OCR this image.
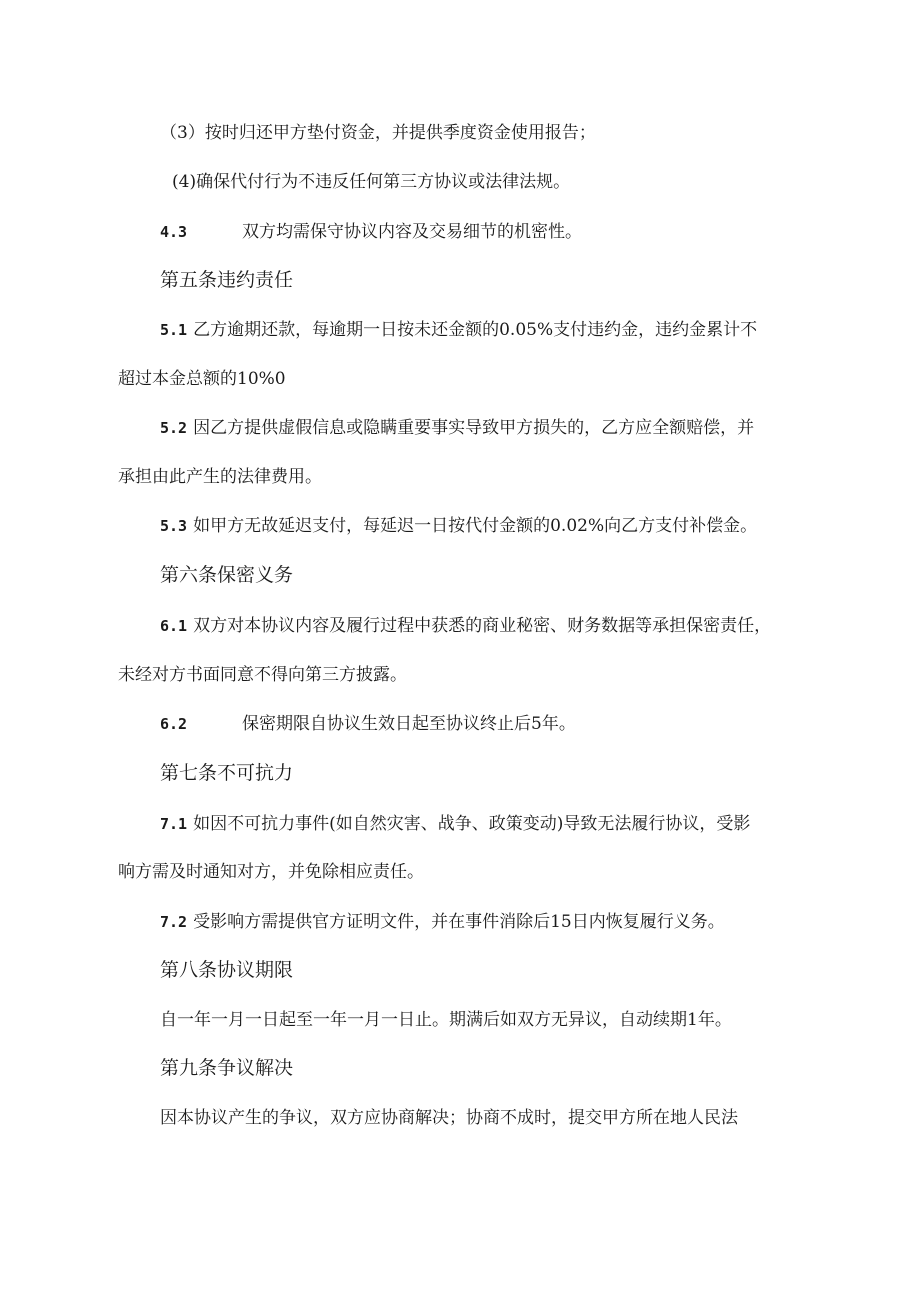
（3）按时归还甲方垫付资金，并提供季度资金使用报告；
(4)确保代付行为不违反任何第三方协议或法律法规。
4.3	双方均需保守协议内容及交易细节的机密性。
第五条违约责任
5.1 乙方逾期还款，每逾期一日按未还金额的0.05%支付违约金，违约金累计不
超过本金总额的10%0
5.2 因乙方提供虚假信息或隐瞒重要事实导致甲方损失的，乙方应全额赔偿，并
承担由此产生的法律费用。
5.3 如甲方无故延迟支付，每延迟一日按代付金额的0.02%向乙方支付补偿金。
第六条保密义务
6.1 双方对本协议内容及履行过程中获悉的商业秘密、财务数据等承担保密责任，
未经对方书面同意不得向第三方披露。
6.2	保密期限自协议生效日起至协议终止后5年。
第七条不可抗力
7.1 如因不可抗力事件(如自然灾害、战争、政策变动)导致无法履行协议，受影
响方需及时通知对方，并免除相应责任。
7.2 受影响方需提供官方证明文件，并在事件消除后15日内恢复履行义务。
第八条协议期限
自一年一月一日起至一年一月一日止。期满后如双方无异议，自动续期1年。
第九条争议解决
因本协议产生的争议，双方应协商解决；协商不成时，提交甲方所在地人民法
